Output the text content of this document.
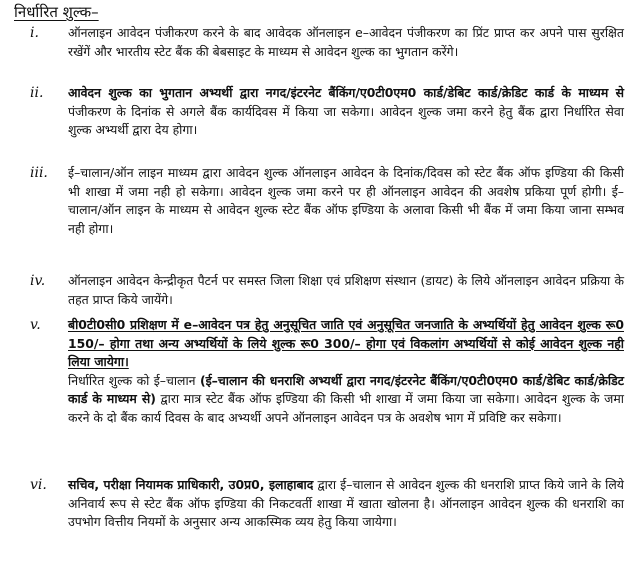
निर्धारित शुल्क–
i. ऑनलाइन आवेदन पंजीकरण करने के बाद आवेदक ऑनलाइन e–आवेदन पंजीकरण का प्रिंट प्राप्त कर अपने पास सुरक्षित रखेंगें और भारतीय स्टेट बैंक की बेबसाइट के माध्यम से आवेदन शुल्क का भुगतान करेंगे।
ii. आवेदन शुल्क का भुगतान अभ्यर्थी द्वारा नगद/इंटरनेट बैंकिंग/ए0टी0एम0 कार्ड/डेबिट कार्ड/क्रेडिट कार्ड के माध्यम से पंजीकरण के दिनांक से अगले बैंक कार्यदिवस में किया जा सकेगा। आवेदन शुल्क जमा करने हेतु बैंक द्वारा निर्धारित सेवा शुल्क अभ्यर्थी द्वारा देय होगा।
iii. ई–चालान/ऑन लाइन माध्यम द्वारा आवेदन शुल्क ऑनलाइन आवेदन के दिनांक/दिवस को स्टेट बैंक ऑफ इण्डिया की किसी भी शाखा में जमा नही हो सकेगा। आवेदन शुल्क जमा करने पर ही ऑनलाइन आवेदन की अवशेष प्रकिया पूर्ण होगी। ई–चालान/ऑन लाइन के माध्यम से आवेदन शुल्क स्टेट बैंक ऑफ इण्डिया के अलावा किसी भी बैंक में जमा किया जाना सम्भव नही होगा।
iv. ऑनलाइन आवेदन केन्द्रीकृत पैटर्न पर समस्त जिला शिक्षा एवं प्रशिक्षण संस्थान (डायट) के लिये ऑनलाइन आवेदन प्रक्रिया के तहत प्राप्त किये जायेंगे।
v. बी0टी0सी0 प्रशिक्षण में e–आवेदन पत्र हेतु अनुसूचित जाति एवं अनुसूचित जनजाति के अभ्यर्थियों हेतु आवेदन शुल्क रू0 150/– होगा तथा अन्य अभ्यर्थियों के लिये शुल्क रू0 300/– होगा एवं विकलांग अभ्यर्थियों से कोई आवेदन शुल्क नही लिया जायेगा।
निर्धारित शुल्क को ई–चालान (ई–चालान की धनराशि अभ्यर्थी द्वारा नगद/इंटरनेट बैंकिंग/ए0टी0एम0 कार्ड/डेबिट कार्ड/क्रेडिट कार्ड के माध्यम से) द्वारा मात्र स्टेट बैंक ऑफ इण्डिया की किसी भी शाखा में जमा किया जा सकेगा। आवेदन शुल्क के जमा करने के दो बैंक कार्य दिवस के बाद अभ्यर्थी अपने ऑनलाइन आवेदन पत्र के अवशेष भाग में प्रविष्टि कर सकेगा।
vi. सचिव, परीक्षा नियामक प्राधिकारी, उ0प्र0, इलाहाबाद द्वारा ई–चालान से आवेदन शुल्क की धनराशि प्राप्त किये जाने के लिये अनिवार्य रूप से स्टेट बैंक ऑफ इण्डिया की निकटवर्ती शाखा में खाता खोलना है। ऑनलाइन आवेदन शुल्क की धनराशि का उपभोग वित्तीय नियमों के अनुसार अन्य आकस्मिक व्यय हेतु किया जायेगा।
